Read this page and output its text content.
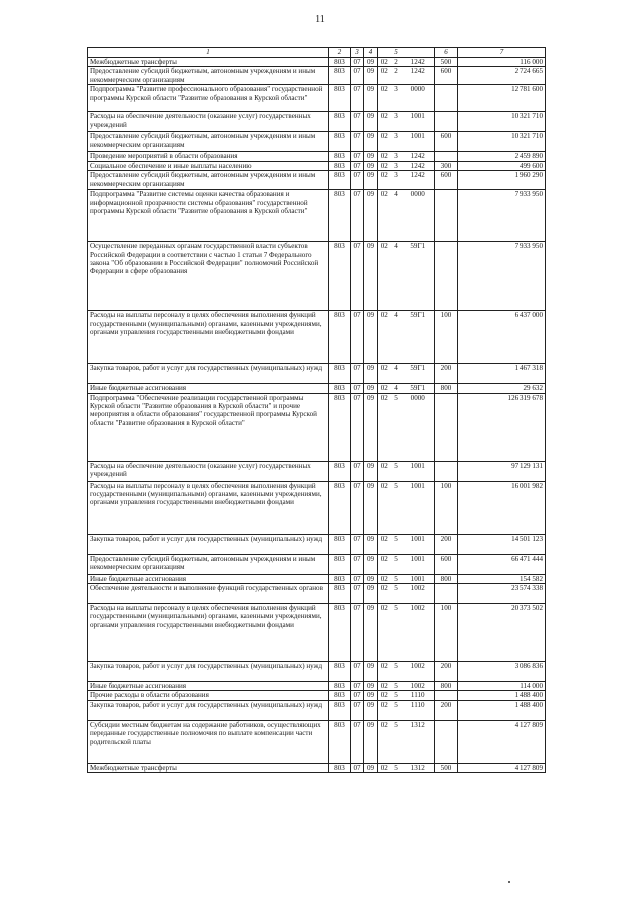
11
1	2	3	4		5		6	7
Межбюджетные трансферты	803	07	09	02	2	1242	500	116 000
Предоставление субсидий бюджетным, автономным учреждениям и иным некоммерческим организациям	803	07	09	02	2	1242	600	2 724 665
Подпрограмма "Развитие профессионального образования" государственной программы Курской области "Развитие образования в Курской области"	803	07	09	02	3	0000		12 781 600
Расходы на обеспечение деятельности (оказание услуг) государственных учреждений	803	07	09	02	3	1001		10 321 710
Предоставление субсидий бюджетным, автономным учреждениям и иным некоммерческим организациям	803	07	09	02	3	1001	600	10 321 710
Проведение мероприятий в области образования	803	07	09	02	3	1242		2 459 890
Социальное обеспечение и иные выплаты населению	803	07	09	02	3	1242	300	499 600
Предоставление субсидий бюджетным, автономным учреждениям и иным некоммерческим организациям	803	07	09	02	3	1242	600	1 960 290
Подпрограмма "Развитие системы оценки качества образования и информационной прозрачности системы образования" государственной программы Курской области "Развитие образования в Курской области"	803	07	09	02	4	0000		7 933 950
Осуществление переданных органам государственной власти субъектов Российской Федерации в соответствии с частью 1 статьи 7 Федерального закона "Об образовании в Российской Федерации" полномочий Российской Федерации в сфере образования	803	07	09	02	4	59Г1		7 933 950
Расходы на выплаты персоналу в целях обеспечения выполнения функций государственными (муниципальными) органами, казенными учреждениями, органами управления государственными внебюджетными фондами	803	07	09	02	4	59Г1	100	6 437 000
Закупка товаров, работ и услуг для государственных (муниципальных) нужд	803	07	09	02	4	59Г1	200	1 467 318
Иные бюджетные ассигнования	803	07	09	02	4	59Г1	800	29 632
Подпрограмма "Обеспечение реализации государственной программы Курской области "Развитие образования в Курской области" и прочие мероприятия в области образования" государственной программы Курской области "Развитие образования в Курской области"	803	07	09	02	5	0000		126 319 678
Расходы на обеспечение деятельности (оказание услуг) государственных учреждений	803	07	09	02	5	1001		97 129 131
Расходы на выплаты персоналу в целях обеспечения выполнения функций государственными (муниципальными) органами, казенными учреждениями, органами управления государственными внебюджетными фондами	803	07	09	02	5	1001	100	16 001 982
Закупка товаров, работ и услуг для государственных (муниципальных) нужд	803	07	09	02	5	1001	200	14 501 123
Предоставление субсидий бюджетным, автономным учреждениям и иным некоммерческим организациям	803	07	09	02	5	1001	600	66 471 444
Иные бюджетные ассигнования	803	07	09	02	5	1001	800	154 582
Обеспечение деятельности и выполнение функций государственных органов	803	07	09	02	5	1002		23 574 338
Расходы на выплаты персоналу в целях обеспечения выполнения функций государственными (муниципальными) органами, казенными учреждениями, органами управления государственными внебюджетными фондами	803	07	09	02	5	1002	100	20 373 502
Закупка товаров, работ и услуг для государственных (муниципальных) нужд	803	07	09	02	5	1002	200	3 086 836
Иные бюджетные ассигнования	803	07	09	02	5	1002	800	114 000
Прочие расходы в области образования	803	07	09	02	5	1110		1 488 400
Закупка товаров, работ и услуг для государственных (муниципальных) нужд	803	07	09	02	5	1110	200	1 488 400
Субсидии местным бюджетам на содержание работников, осуществляющих переданные государственные полномочия по выплате компенсации части родительской платы	803	07	09	02	5	1312		4 127 809
Межбюджетные трансферты	803	07	09	02	5	1312	500	4 127 809
